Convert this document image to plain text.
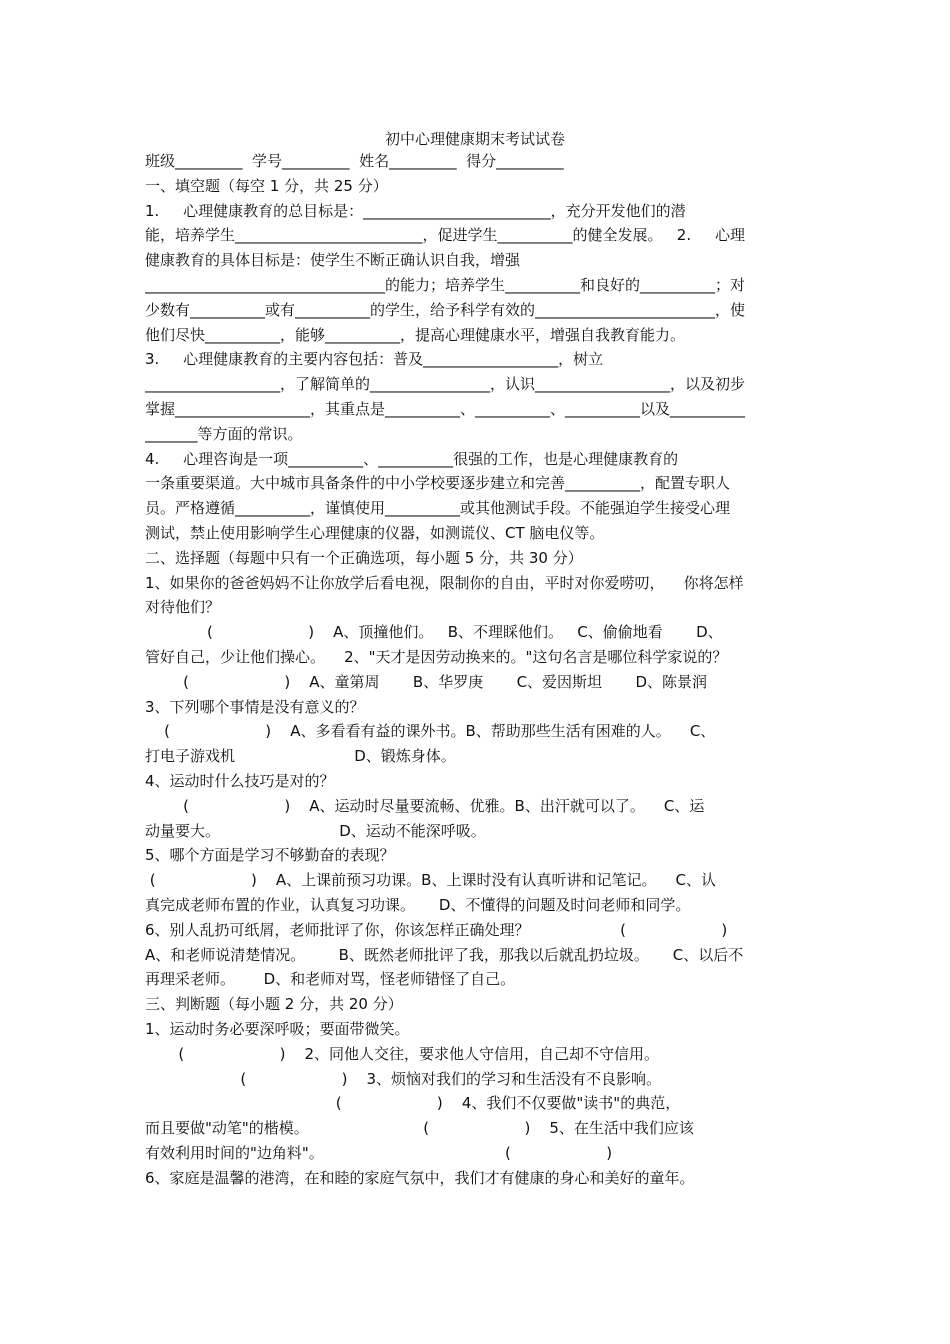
初中心理健康期末考试试卷
班级_________  学号_________  姓名_________  得分_________
一、填空题（每空 1 分，共 25 分）
1.     心理健康教育的总目标是：_________________________，充分开发他们的潜
能，培养学生_________________________，促进学生__________的健全发展。   2.     心理
健康教育的具体目标是：使学生不断正确认识自我，增强
________________________________的能力；培养学生__________和良好的__________；对
少数有__________或有__________的学生，给予科学有效的________________________，使
他们尽快__________，能够__________，提高心理健康水平，增强自我教育能力。
3.     心理健康教育的主要内容包括：普及__________________，树立
__________________，了解简单的________________，认识__________________，以及初步
掌握__________________，其重点是__________、__________、__________以及__________
_______等方面的常识。
4.     心理咨询是一项__________、__________很强的工作，也是心理健康教育的
一条重要渠道。大中城市具备条件的中小学校要逐步建立和完善__________，配置专职人
员。严格遵循__________，谨慎使用__________或其他测试手段。不能强迫学生接受心理
测试，禁止使用影响学生心理健康的仪器，如测谎仪、CT 脑电仪等。
二、选择题（每题中只有一个正确选项，每小题 5 分，共 30 分）
1、如果你的爸爸妈妈不让你放学后看电视，限制你的自由，平时对你爱唠叨，    你将怎样
对待他们？
(                    )    A、顶撞他们。   B、不理睬他们。   C、偷偷地看       D、
管好自己，少让他们操心。    2、"天才是因劳动换来的。"这句名言是哪位科学家说的？
(                    )    A、童第周       B、华罗庚       C、爱因斯坦       D、陈景润
3、下列哪个事情是没有意义的？
(                    )    A、多看看有益的课外书。B、帮助那些生活有困难的人。    C、
打电子游戏机                         D、锻炼身体。
4、运动时什么技巧是对的？
(                    )    A、运动时尽量要流畅、优雅。B、出汗就可以了。    C、运
动量要大。                         D、运动不能深呼吸。
5、哪个方面是学习不够勤奋的表现？
(                    )    A、上课前预习功课。B、上课时没有认真听讲和记笔记。    C、认
真完成老师布置的作业，认真复习功课。     D、不懂得的问题及时问老师和同学。
6、别人乱扔可纸屑，老师批评了你，你该怎样正确处理？                   (                    )
A、和老师说清楚情况。       B、既然老师批评了我，那我以后就乱扔垃圾。     C、以后不
再理采老师。      D、和老师对骂，怪老师错怪了自己。
三、判断题（每小题 2 分，共 20 分）
1、运动时务必要深呼吸；要面带微笑。
(                    )    2、同他人交往，要求他人守信用，自己却不守信用。
(                    )    3、烦恼对我们的学习和生活没有不良影响。
(                    )    4、我们不仅要做"读书"的典范，
而且要做"动笔"的楷模。                        (                    )    5、在生活中我们应该
有效利用时间的"边角料"。                                      (                    )
6、家庭是温馨的港湾，在和睦的家庭气氛中，我们才有健康的身心和美好的童年。
